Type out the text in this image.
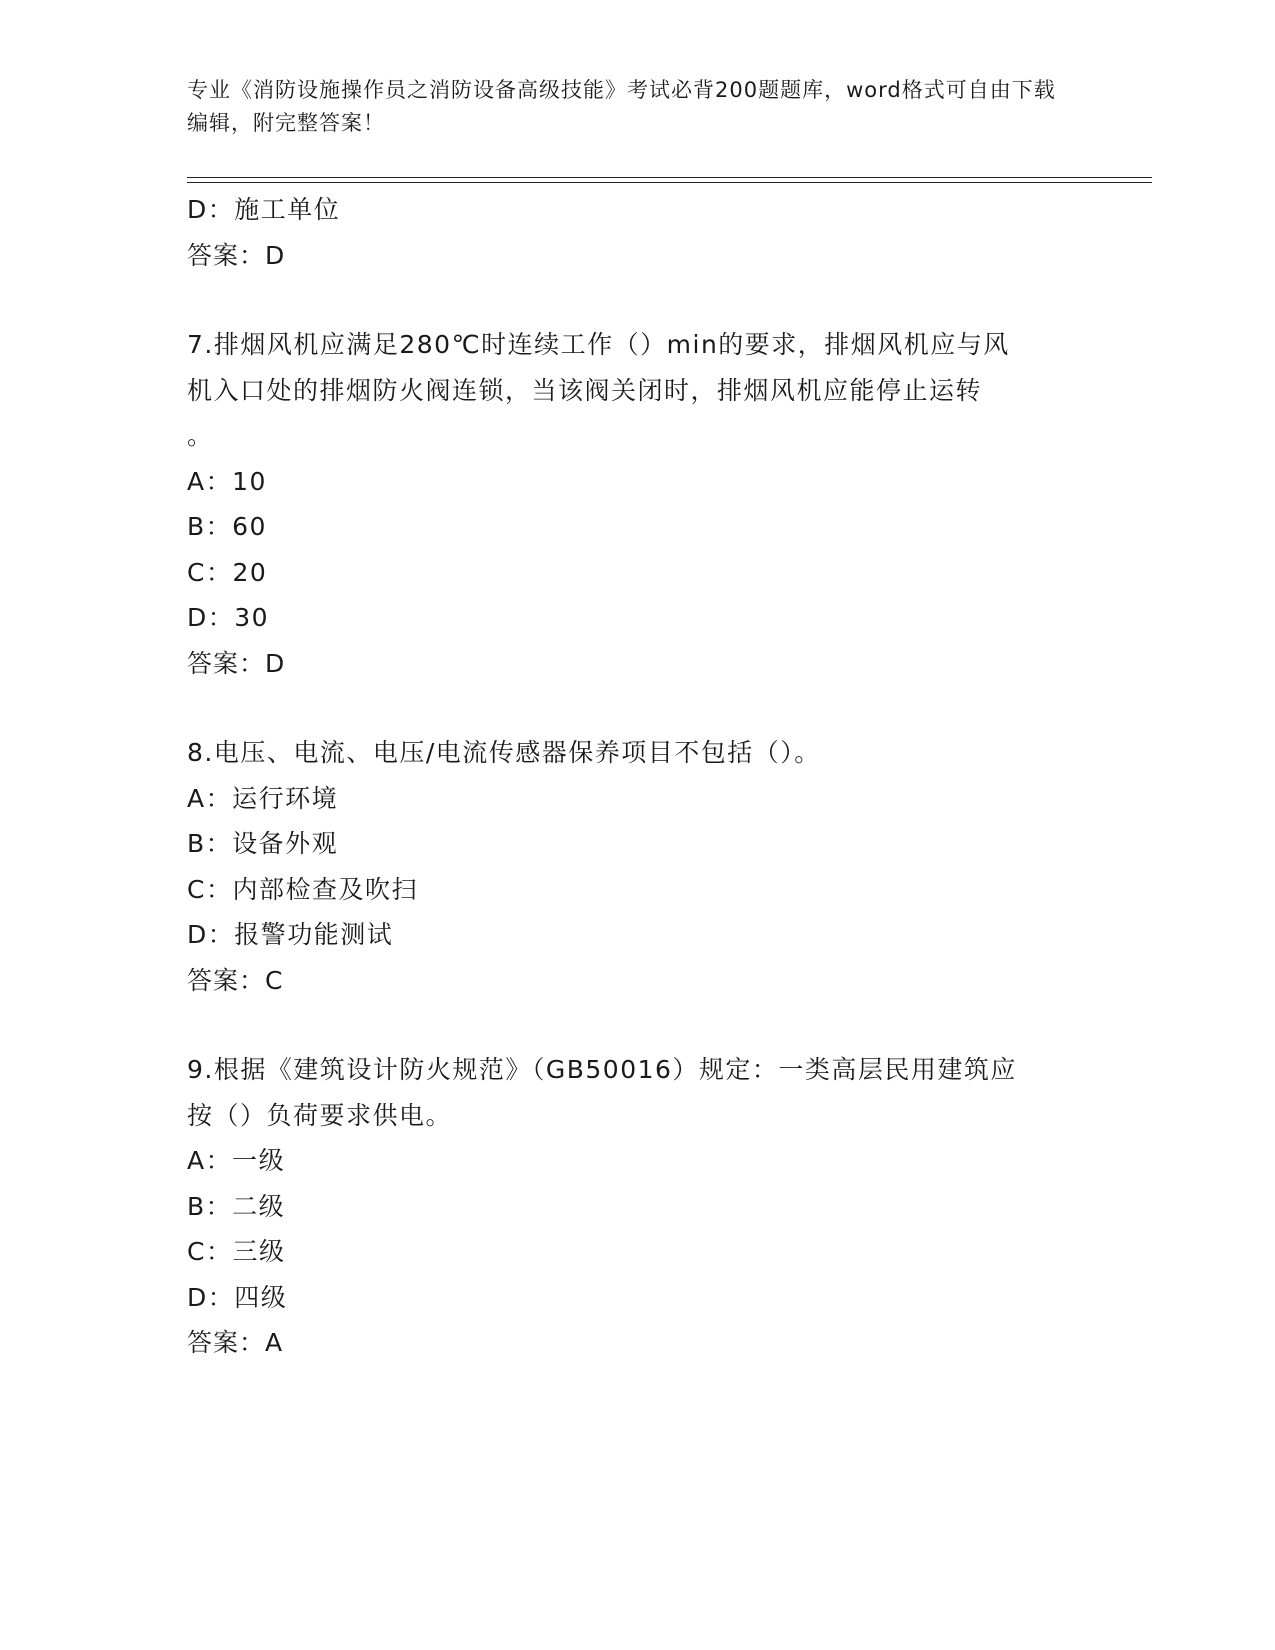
专业《消防设施操作员之消防设备高级技能》考试必背200题题库，word格式可自由下载编辑，附完整答案！
D：施工单位
答案：D
7.排烟风机应满足280℃时连续工作（）min的要求，排烟风机应与风
机入口处的排烟防火阀连锁，当该阀关闭时，排烟风机应能停止运转
。
A：10
B：60
C：20
D：30
答案：D
8.电压、电流、电压/电流传感器保养项目不包括（）。
A：运行环境
B：设备外观
C：内部检查及吹扫
D：报警功能测试
答案：C
9.根据《建筑设计防火规范》（GB50016）规定：一类高层民用建筑应
按（）负荷要求供电。
A：一级
B：二级
C：三级
D：四级
答案：A
